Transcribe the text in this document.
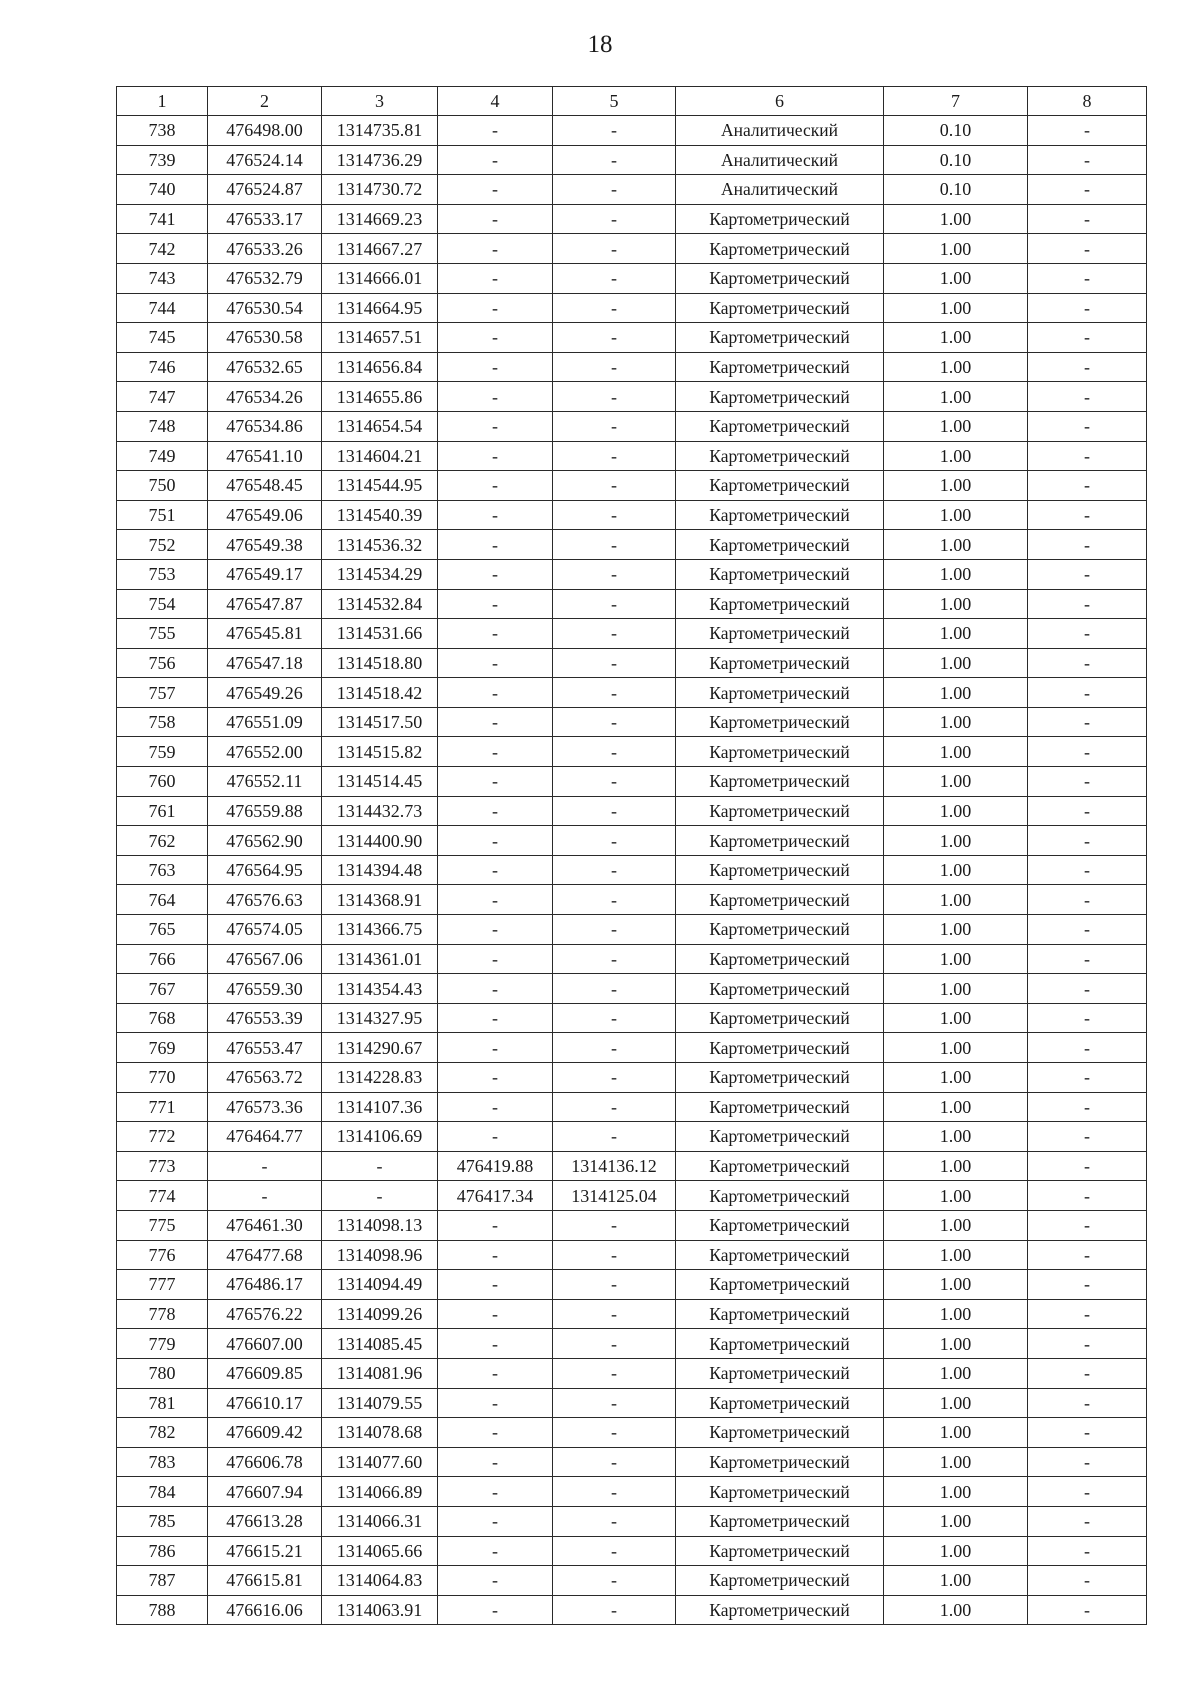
18
1	2	3	4	5	6	7	8
738	476498.00	1314735.81	-	-	Аналитический	0.10	-
739	476524.14	1314736.29	-	-	Аналитический	0.10	-
740	476524.87	1314730.72	-	-	Аналитический	0.10	-
741	476533.17	1314669.23	-	-	Картометрический	1.00	-
742	476533.26	1314667.27	-	-	Картометрический	1.00	-
743	476532.79	1314666.01	-	-	Картометрический	1.00	-
744	476530.54	1314664.95	-	-	Картометрический	1.00	-
745	476530.58	1314657.51	-	-	Картометрический	1.00	-
746	476532.65	1314656.84	-	-	Картометрический	1.00	-
747	476534.26	1314655.86	-	-	Картометрический	1.00	-
748	476534.86	1314654.54	-	-	Картометрический	1.00	-
749	476541.10	1314604.21	-	-	Картометрический	1.00	-
750	476548.45	1314544.95	-	-	Картометрический	1.00	-
751	476549.06	1314540.39	-	-	Картометрический	1.00	-
752	476549.38	1314536.32	-	-	Картометрический	1.00	-
753	476549.17	1314534.29	-	-	Картометрический	1.00	-
754	476547.87	1314532.84	-	-	Картометрический	1.00	-
755	476545.81	1314531.66	-	-	Картометрический	1.00	-
756	476547.18	1314518.80	-	-	Картометрический	1.00	-
757	476549.26	1314518.42	-	-	Картометрический	1.00	-
758	476551.09	1314517.50	-	-	Картометрический	1.00	-
759	476552.00	1314515.82	-	-	Картометрический	1.00	-
760	476552.11	1314514.45	-	-	Картометрический	1.00	-
761	476559.88	1314432.73	-	-	Картометрический	1.00	-
762	476562.90	1314400.90	-	-	Картометрический	1.00	-
763	476564.95	1314394.48	-	-	Картометрический	1.00	-
764	476576.63	1314368.91	-	-	Картометрический	1.00	-
765	476574.05	1314366.75	-	-	Картометрический	1.00	-
766	476567.06	1314361.01	-	-	Картометрический	1.00	-
767	476559.30	1314354.43	-	-	Картометрический	1.00	-
768	476553.39	1314327.95	-	-	Картометрический	1.00	-
769	476553.47	1314290.67	-	-	Картометрический	1.00	-
770	476563.72	1314228.83	-	-	Картометрический	1.00	-
771	476573.36	1314107.36	-	-	Картометрический	1.00	-
772	476464.77	1314106.69	-	-	Картометрический	1.00	-
773	-	-	476419.88	1314136.12	Картометрический	1.00	-
774	-	-	476417.34	1314125.04	Картометрический	1.00	-
775	476461.30	1314098.13	-	-	Картометрический	1.00	-
776	476477.68	1314098.96	-	-	Картометрический	1.00	-
777	476486.17	1314094.49	-	-	Картометрический	1.00	-
778	476576.22	1314099.26	-	-	Картометрический	1.00	-
779	476607.00	1314085.45	-	-	Картометрический	1.00	-
780	476609.85	1314081.96	-	-	Картометрический	1.00	-
781	476610.17	1314079.55	-	-	Картометрический	1.00	-
782	476609.42	1314078.68	-	-	Картометрический	1.00	-
783	476606.78	1314077.60	-	-	Картометрический	1.00	-
784	476607.94	1314066.89	-	-	Картометрический	1.00	-
785	476613.28	1314066.31	-	-	Картометрический	1.00	-
786	476615.21	1314065.66	-	-	Картометрический	1.00	-
787	476615.81	1314064.83	-	-	Картометрический	1.00	-
788	476616.06	1314063.91	-	-	Картометрический	1.00	-
